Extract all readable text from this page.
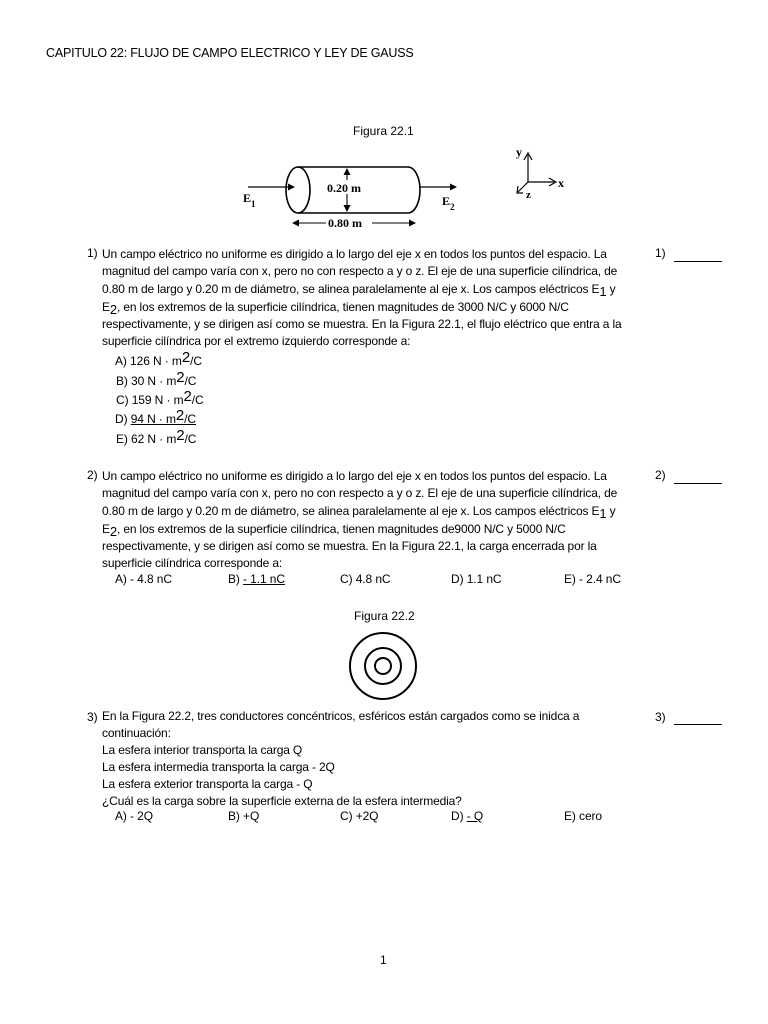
CAPITULO 22: FLUJO DE CAMPO ELECTRICO Y LEY DE GAUSS
Figura 22.1
0.20 m
0.80 m
E 1	E 2
y
x
z
1) Un campo eléctrico no uniforme es dirigido a lo largo del eje x en todos los puntos del espacio. La
magnitud del campo varía con x, pero no con respecto a y o z. El eje de una superficie cilíndrica, de
0.80 m de largo y 0.20 m de diámetro, se alinea paralelamente al eje x. Los campos eléctricos E1 y
E2, en los extremos de la superficie cilíndrica, tienen magnitudes de 3000 N/C y 6000 N/C
respectivamente, y se dirigen así como se muestra. En la Figura 22.1, el flujo eléctrico que entra a la
superficie cilíndrica por el extremo izquierdo corresponde a:
1)
A) 126 N · m2/C
B) 30 N · m2/C
C) 159 N · m2/C
D) 94 N · m2/C
E) 62 N · m2/C
2) Un campo eléctrico no uniforme es dirigido a lo largo del eje x en todos los puntos del espacio. La
magnitud del campo varía con x, pero no con respecto a y o z. El eje de una superficie cilíndrica, de
0.80 m de largo y 0.20 m de diámetro, se alinea paralelamente al eje x. Los campos eléctricos E1 y
E2, en los extremos de la superficie cilíndrica, tienen magnitudes de9000 N/C y 5000 N/C
respectivamente, y se dirigen así como se muestra. En la Figura 22.1, la carga encerrada por la
superficie cilíndrica corresponde a:
2)
A) - 4.8 nC	B) - 1.1 nC	C) 4.8 nC	D) 1.1 nC	E) - 2.4 nC
Figura 22.2
3) En la Figura 22.2, tres conductores concéntricos, esféricos están cargados como se inidca a
continuación:
La esfera interior transporta la carga Q
La esfera intermedia transporta la carga - 2Q
La esfera exterior transporta la carga - Q
¿Cuál es la carga sobre la superficie externa de la esfera intermedia?
3)
A) - 2Q	B) +Q	C) +2Q	D) - Q	E) cero
1
